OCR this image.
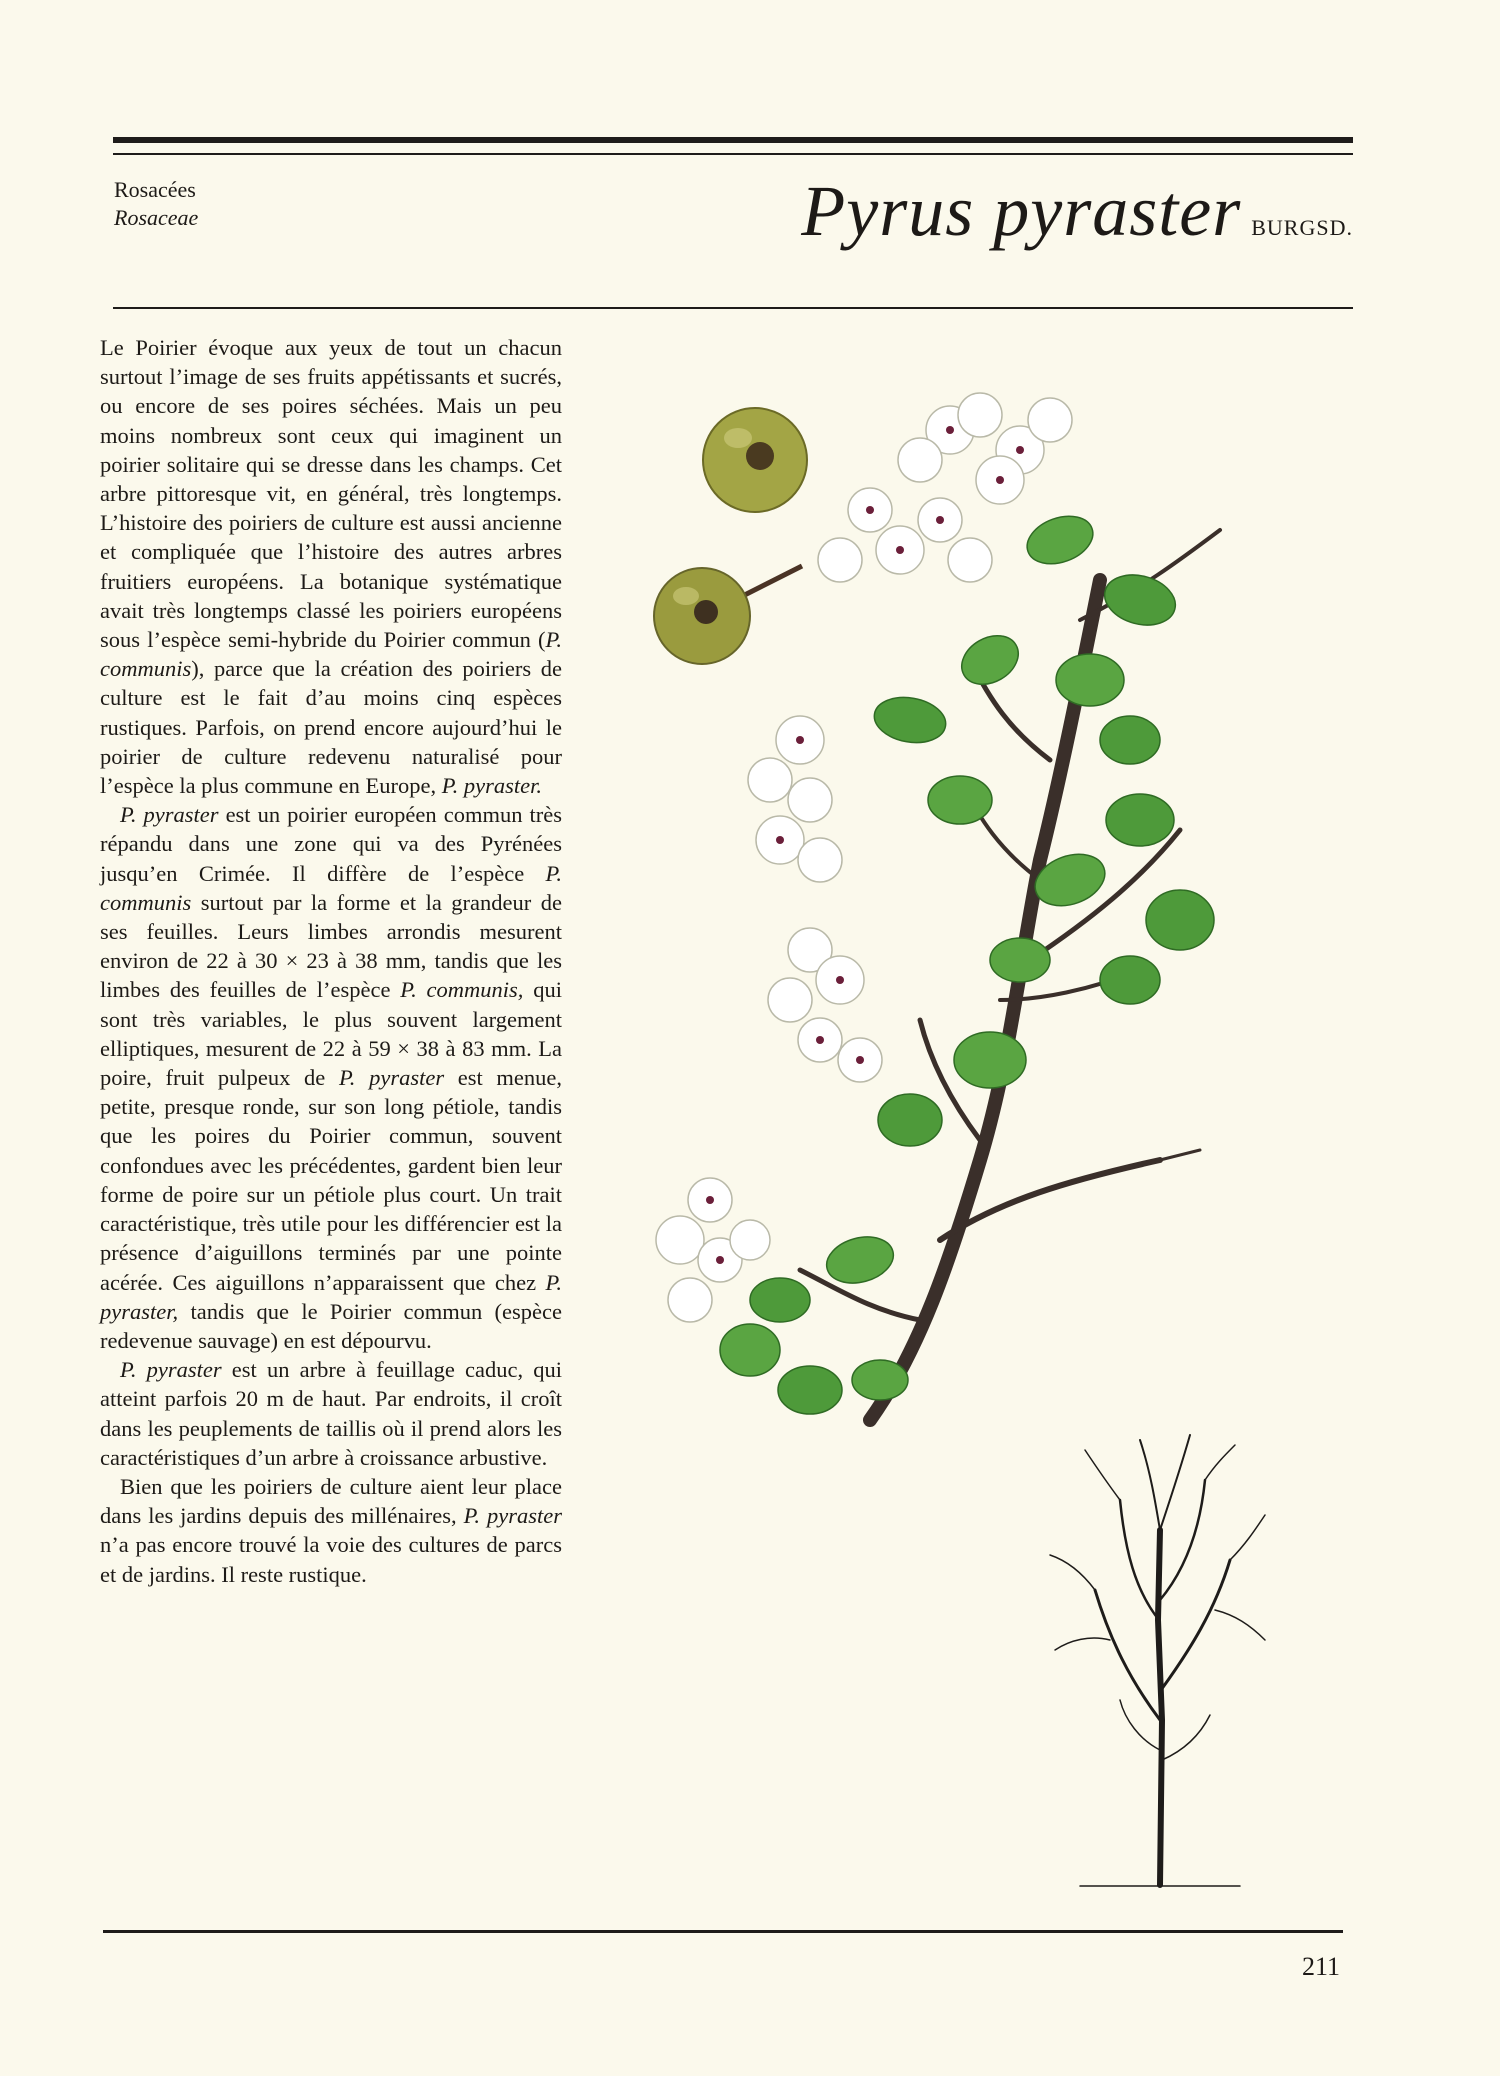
Rosacées
Rosaceae	Pyrus pyraster BURGSD.

Le Poirier évoque aux yeux de tout un chacun surtout l’image de ses fruits appétissants et sucrés, ou encore de ses poires séchées. Mais un peu moins nombreux sont ceux qui imaginent un poirier solitaire qui se dresse dans les champs. Cet arbre pittoresque vit, en général, très longtemps. L’histoire des poiriers de culture est aussi ancienne et compliquée que l’histoire des autres arbres fruitiers européens. La botanique systématique avait très longtemps classé les poiriers européens sous l’espèce semi-hybride du Poirier commun (P. communis), parce que la création des poiriers de culture est le fait d’au moins cinq espèces rustiques. Parfois, on prend encore aujourd’hui le poirier de culture redevenu naturalisé pour l’espèce la plus commune en Europe, P. pyraster.

P. pyraster est un poirier européen commun très répandu dans une zone qui va des Pyrénées jusqu’en Crimée. Il diffère de l’espèce P. communis surtout par la forme et la grandeur de ses feuilles. Leurs limbes arrondis mesurent environ de 22 à 30 × 23 à 38 mm, tandis que les limbes des feuilles de l’espèce P. communis, qui sont très variables, le plus souvent largement elliptiques, mesurent de 22 à 59 × 38 à 83 mm. La poire, fruit pulpeux de P. pyraster est menue, petite, presque ronde, sur son long pétiole, tandis que les poires du Poirier commun, souvent confondues avec les précédentes, gardent bien leur forme de poire sur un pétiole plus court. Un trait caractéristique, très utile pour les différencier est la présence d’aiguillons terminés par une pointe acérée. Ces aiguillons n’apparaissent que chez P. pyraster, tandis que le Poirier commun (espèce redevenue sauvage) en est dépourvu.

P. pyraster est un arbre à feuillage caduc, qui atteint parfois 20 m de haut. Par endroits, il croît dans les peuplements de taillis où il prend alors les caractéristiques d’un arbre à croissance arbustive.

Bien que les poiriers de culture aient leur place dans les jardins depuis des millénaires, P. pyraster n’a pas encore trouvé la voie des cultures de parcs et de jardins. Il reste rustique.

211
